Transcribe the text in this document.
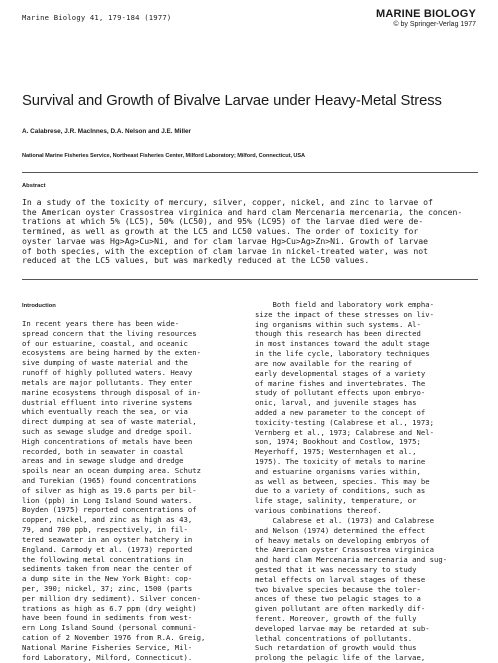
Marine Biology 41, 179-184 (1977)	MARINE BIOLOGY
© by Springer-Verlag 1977
Survival and Growth of Bivalve Larvae under Heavy-Metal Stress
A. Calabrese, J.R. MacInnes, D.A. Nelson and J.E. Miller
National Marine Fisheries Service, Northeast Fisheries Center, Milford Laboratory; Milford, Connecticut, USA
Abstract
In a study of the toxicity of mercury, silver, copper, nickel, and zinc to larvae of
the American oyster Crassostrea virginica and hard clam Mercenaria mercenaria, the concen-
trations at which 5% (LC5), 50% (LC50), and 95% (LC95) of the larvae died were de-
termined, as well as growth at the LC5 and LC50 values. The order of toxicity for
oyster larvae was Hg>Ag>Cu>Ni, and for clam larvae Hg>Cu>Ag>Zn>Ni. Growth of larvae
of both species, with the exception of clam larvae in nickel-treated water, was not
reduced at the LC5 values, but was markedly reduced at the LC50 values.
Introduction
In recent years there has been wide-
spread concern that the living resources
of our estuarine, coastal, and oceanic
ecosystems are being harmed by the exten-
sive dumping of waste material and the
runoff of highly polluted waters. Heavy
metals are major pollutants. They enter
marine ecosystems through disposal of in-
dustrial effluent into riverine systems
which eventually reach the sea, or via
direct dumping at sea of waste material,
such as sewage sludge and dredge spoil.
High concentrations of metals have been
recorded, both in seawater in coastal
areas and in sewage sludge and dredge
spoils near an ocean dumping area. Schutz
and Turekian (1965) found concentrations
of silver as high as 19.6 parts per bil-
lion (ppb) in Long Island Sound waters.
Boyden (1975) reported concentrations of
copper, nickel, and zinc as high as 43,
79, and 700 ppb, respectively, in fil-
tered seawater in an oyster hatchery in
England. Carmody et al. (1973) reported
the following metal concentrations in
sediments taken from near the center of
a dump site in the New York Bight: cop-
per, 390; nickel, 37; zinc, 1500 (parts
per million dry sediment). Silver concen-
trations as high as 6.7 ppm (dry weight)
have been found in sediments from west-
ern Long Island Sound (personal communi-
cation of 2 November 1976 from R.A. Greig,
National Marine Fisheries Service, Mil-
ford Laboratory, Milford, Connecticut).
Both field and laboratory work empha-
size the impact of these stresses on liv-
ing organisms within such systems. Al-
though this research has been directed
in most instances toward the adult stage
in the life cycle, laboratory techniques
are now available for the rearing of
early developmental stages of a variety
of marine fishes and invertebrates. The
study of pollutant effects upon embryo-
onic, larval, and juvenile stages has
added a new parameter to the concept of
toxicity-testing (Calabrese et al., 1973;
Vernberg et al., 1973; Calabrese and Nel-
son, 1974; Bookhout and Costlow, 1975;
Meyerhoff, 1975; Westernhagen et al.,
1975). The toxicity of metals to marine
and estuarine organisms varies within,
as well as between, species. This may be
due to a variety of conditions, such as
life stage, salinity, temperature, or
various combinations thereof.
Calabrese et al. (1973) and Calabrese
and Nelson (1974) determined the effect
of heavy metals on developing embryos of
the American oyster Crassostrea virginica
and hard clam Mercenaria mercenaria and sug-
gested that it was necessary to study
metal effects on larval stages of these
two bivalve species because the toler-
ances of these two pelagic stages to a
given pollutant are often markedly dif-
ferent. Moreover, growth of the fully
developed larvae may be retarded at sub-
lethal concentrations of pollutants.
Such retardation of growth would thus
prolong the pelagic life of the larvae,
